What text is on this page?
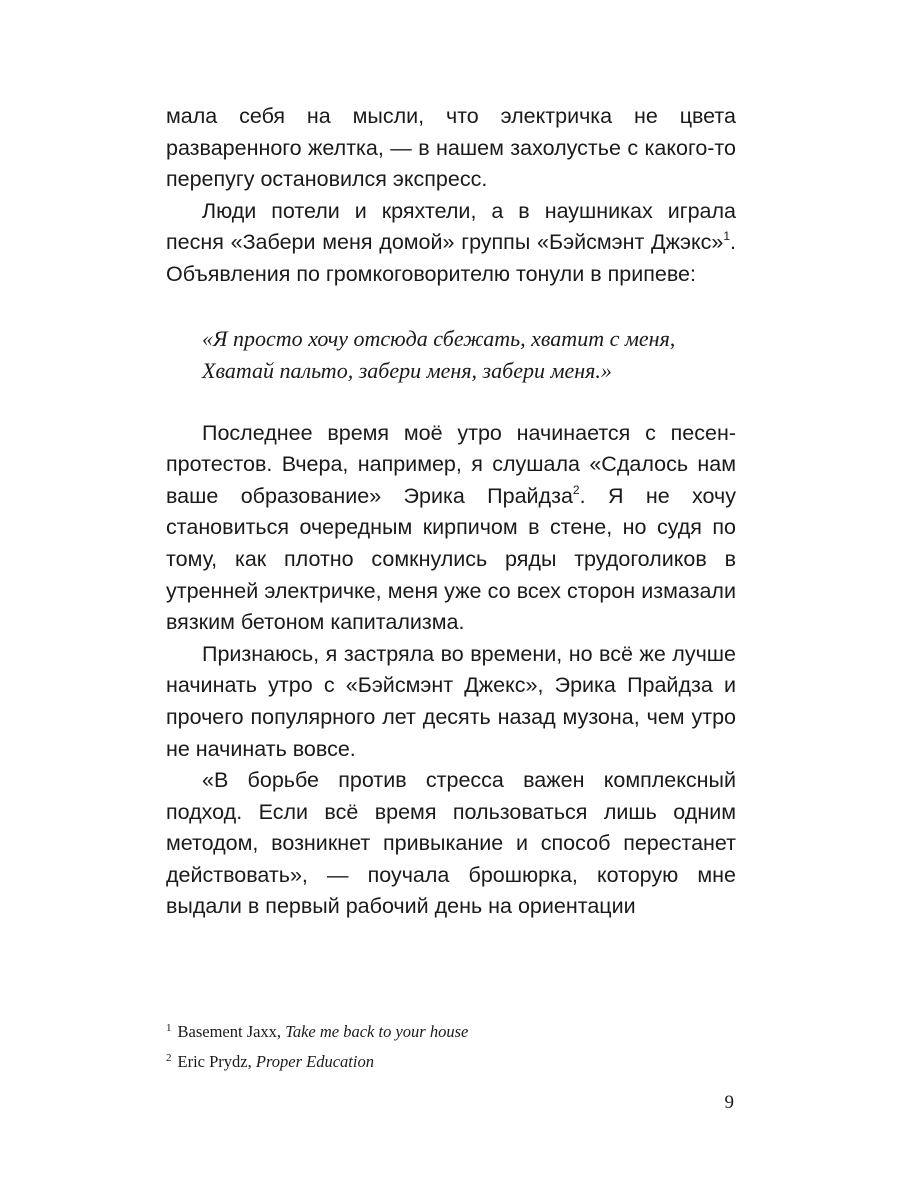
мала себя на мысли, что электричка не цвета разваренного желтка, — в нашем захолустье с какого-то перепугу остановился экспресс.

Люди потели и кряхтели, а в наушниках играла песня «Забери меня домой» группы «Бэйсмэнт Джэкс»$^1$. Объявления по громкоговорителю тонули в припеве:

«Я просто хочу отсюда сбежать, хватит с меня,
Хватай пальто, забери меня, забери меня.»

Последнее время моё утро начинается с песен-протестов. Вчера, например, я слушала «Сдалось нам ваше образование» Эрика Прайдза$^2$. Я не хочу становиться очередным кирпичом в стене, но судя по тому, как плотно сомкнулись ряды трудоголиков в утренней электричке, меня уже со всех сторон измазали вязким бетоном капитализма.

Признаюсь, я застряла во времени, но всё же лучше начинать утро с «Бэйсмэнт Джекс», Эрика Прайдза и прочего популярного лет десять назад музона, чем утро не начинать вовсе.

«В борьбе против стресса важен комплексный подход. Если всё время пользоваться лишь одним методом, возникнет привыкание и способ перестанет действовать», — поучала брошюрка, которую мне выдали в первый рабочий день на ориентации

$^1$ Basement Jaxx, Take me back to your house
$^2$ Eric Prydz, Proper Education
9
